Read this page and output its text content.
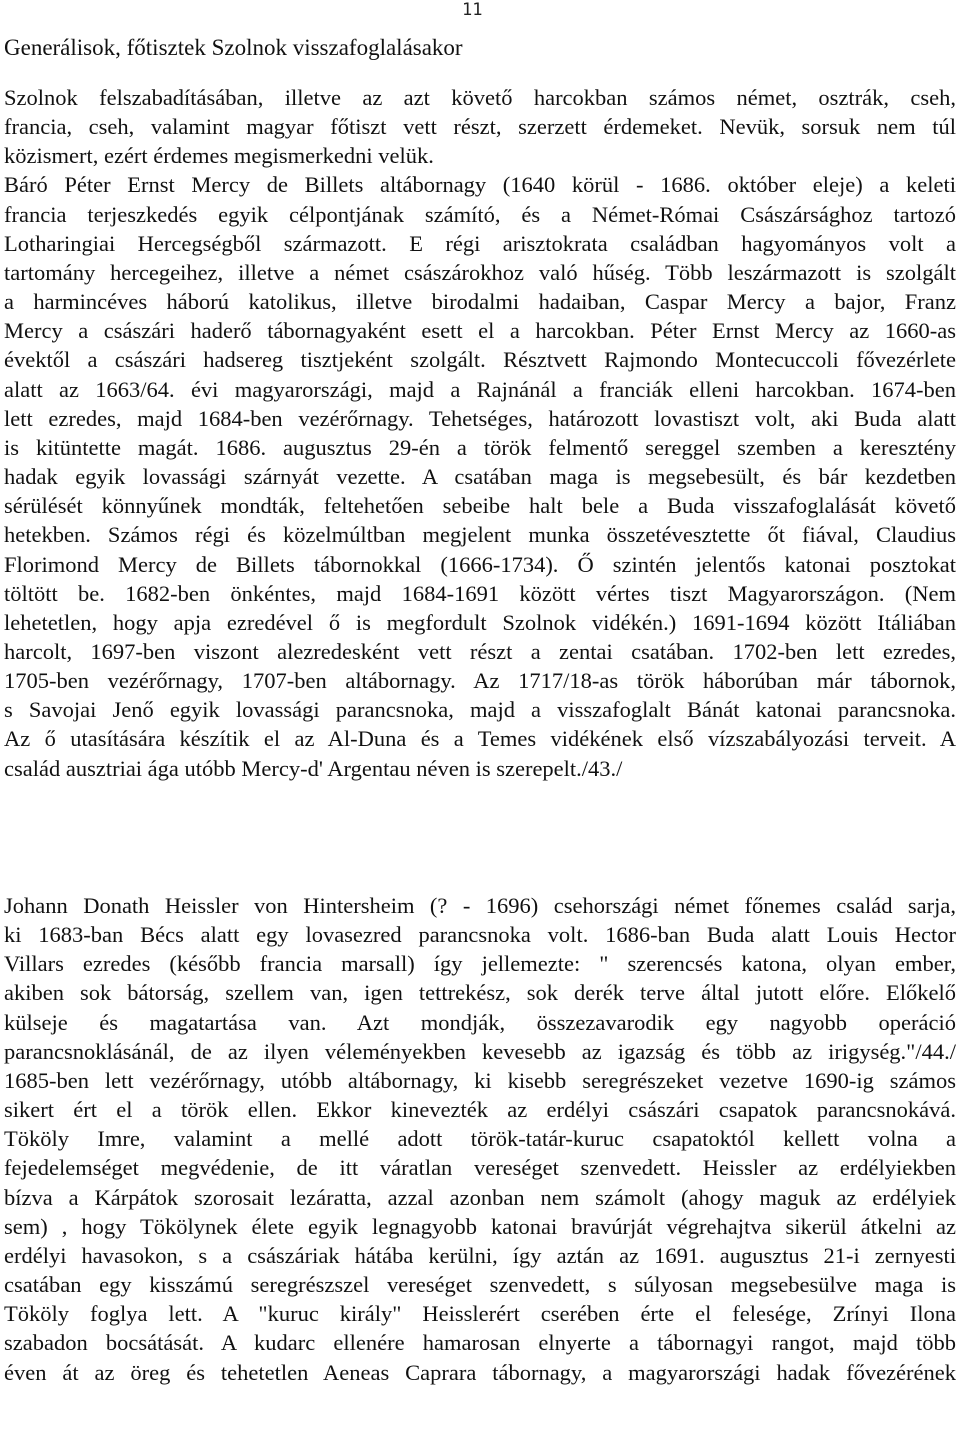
11
Generálisok, főtisztek Szolnok visszafoglalásakor
Szolnok felszabadításában, illetve az azt követő harcokban számos német, osztrák, cseh,
francia, cseh, valamint magyar főtiszt vett részt, szerzett érdemeket. Nevük, sorsuk nem túl
közismert, ezért érdemes megismerkedni velük.
Báró Péter Ernst Mercy de Billets altábornagy (1640 körül - 1686. október eleje) a keleti
francia terjeszkedés egyik célpontjának számító, és a Német-Római Császársághoz tartozó
Lotharingiai Hercegségből származott. E régi arisztokrata családban hagyományos volt a
tartomány hercegeihez, illetve a német császárokhoz való hűség. Több leszármazott is szolgált
a harmincéves háború katolikus, illetve birodalmi hadaiban, Caspar Mercy a bajor, Franz
Mercy a császári haderő tábornagyaként esett el a harcokban. Péter Ernst Mercy az 1660-as
évektől a császári hadsereg tisztjeként szolgált. Résztvett Rajmondo Montecuccoli fővezérlete
alatt az 1663/64. évi magyarországi, majd a Rajnánál a franciák elleni harcokban. 1674-ben
lett ezredes, majd 1684-ben vezérőrnagy. Tehetséges, határozott lovastiszt volt, aki Buda alatt
is kitüntette magát. 1686. augusztus 29-én a török felmentő sereggel szemben a keresztény
hadak egyik lovassági szárnyát vezette. A csatában maga is megsebesült, és bár kezdetben
sérülését könnyűnek mondták, feltehetően sebeibe halt bele a Buda visszafoglalását követő
hetekben. Számos régi és közelmúltban megjelent munka összetévesztette őt fiával, Claudius
Florimond Mercy de Billets tábornokkal (1666-1734). Ő szintén jelentős katonai posztokat
töltött be. 1682-ben önkéntes, majd 1684-1691 között vértes tiszt Magyarországon. (Nem
lehetetlen, hogy apja ezredével ő is megfordult Szolnok vidékén.) 1691-1694 között Itáliában
harcolt, 1697-ben viszont alezredesként vett részt a zentai csatában. 1702-ben lett ezredes,
1705-ben vezérőrnagy, 1707-ben altábornagy. Az 1717/18-as török háborúban már tábornok,
s Savojai Jenő egyik lovassági parancsnoka, majd a visszafoglalt Bánát katonai parancsnoka.
Az ő utasítására készítik el az Al-Duna és a Temes vidékének első vízszabályozási terveit. A
család ausztriai ága utóbb Mercy-d' Argentau néven is szerepelt./43./
Johann Donath Heissler von Hintersheim (? - 1696) csehországi német főnemes család sarja,
ki 1683-ban Bécs alatt egy lovasezred parancsnoka volt. 1686-ban Buda alatt Louis Hector
Villars ezredes (később francia marsall) így jellemezte: " szerencsés katona, olyan ember,
akiben sok bátorság, szellem van, igen tettrekész, sok derék terve által jutott előre. Előkelő
külseje és magatartása van. Azt mondják, összezavarodik egy nagyobb operáció
parancsnoklásánál, de az ilyen véleményekben kevesebb az igazság és több az irigység."/44./
1685-ben lett vezérőrnagy, utóbb altábornagy, ki kisebb seregrészeket vezetve 1690-ig számos
sikert ért el a török ellen. Ekkor kinevezték az erdélyi császári csapatok parancsnokává.
Tököly Imre, valamint a mellé adott török-tatár-kuruc csapatoktól kellett volna a
fejedelemséget megvédenie, de itt váratlan vereséget szenvedett. Heissler az erdélyiekben
bízva a Kárpátok szorosait lezáratta, azzal azonban nem számolt (ahogy maguk az erdélyiek
sem) , hogy Tökölynek élete egyik legnagyobb katonai bravúrját végrehajtva sikerül átkelni az
erdélyi havasokon, s a császáriak hátába kerülni, így aztán az 1691. augusztus 21-i zernyesti
csatában egy kisszámú seregrészszel vereséget szenvedett, s súlyosan megsebesülve maga is
Tököly foglya lett. A "kuruc király" Heisslerért cserében érte el felesége, Zrínyi Ilona
szabadon bocsátását. A kudarc ellenére hamarosan elnyerte a tábornagyi rangot, majd több
éven át az öreg és tehetetlen Aeneas Caprara tábornagy, a magyarországi hadak fővezérének
